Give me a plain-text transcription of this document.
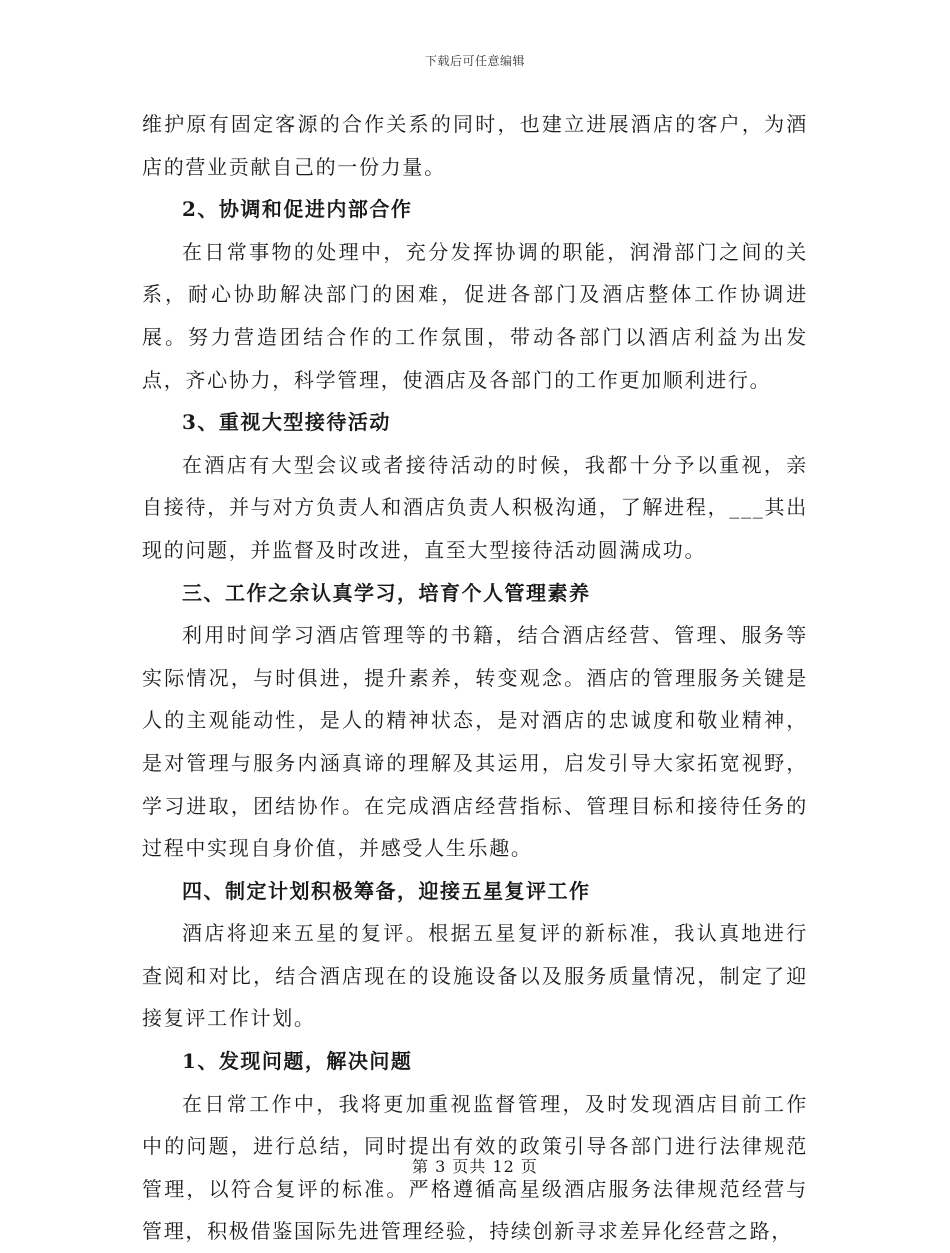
下载后可任意编辑

维护原有固定客源的合作关系的同时，也建立进展酒店的客户，为酒店的营业贡献自己的一份力量。

2、协调和促进内部合作

在日常事物的处理中，充分发挥协调的职能，润滑部门之间的关系，耐心协助解决部门的困难，促进各部门及酒店整体工作协调进展。努力营造团结合作的工作氛围，带动各部门以酒店利益为出发点，齐心协力，科学管理，使酒店及各部门的工作更加顺利进行。

3、重视大型接待活动

在酒店有大型会议或者接待活动的时候，我都十分予以重视，亲自接待，并与对方负责人和酒店负责人积极沟通，了解进程，___其出现的问题，并监督及时改进，直至大型接待活动圆满成功。

三、工作之余认真学习，培育个人管理素养

利用时间学习酒店管理等的书籍，结合酒店经营、管理、服务等实际情况，与时俱进，提升素养，转变观念。酒店的管理服务关键是人的主观能动性，是人的精神状态，是对酒店的忠诚度和敬业精神，是对管理与服务内涵真谛的理解及其运用，启发引导大家拓宽视野，学习进取，团结协作。在完成酒店经营指标、管理目标和接待任务的过程中实现自身价值，并感受人生乐趣。

四、制定计划积极筹备，迎接五星复评工作

酒店将迎来五星的复评。根据五星复评的新标准，我认真地进行查阅和对比，结合酒店现在的设施设备以及服务质量情况，制定了迎接复评工作计划。

1、发现问题，解决问题

在日常工作中，我将更加重视监督管理，及时发现酒店目前工作中的问题，进行总结，同时提出有效的政策引导各部门进行法律规范管理，以符合复评的标准。严格遵循高星级酒店服务法律规范经营与管理，积极借鉴国际先进管理经验，持续创新寻求差异化经营之路，

第 3 页共 12 页
